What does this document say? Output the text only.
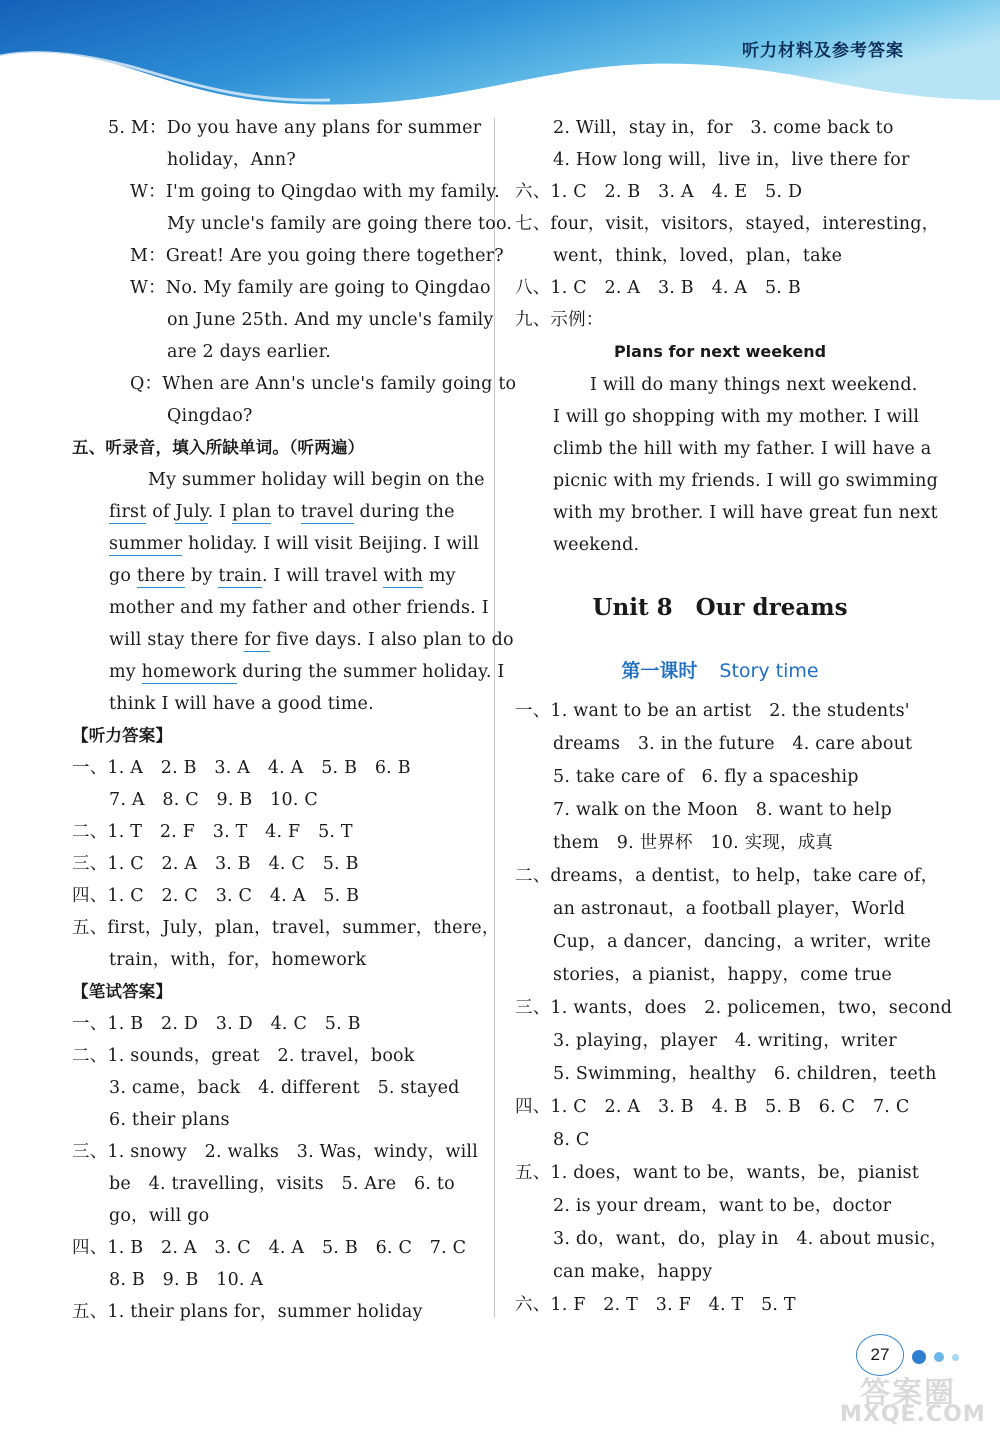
听力材料及参考答案
5. M：Do you have any plans for summer
holiday，Ann?
W：I'm going to Qingdao with my family.
My uncle's family are going there too.
M：Great! Are you going there together?
W：No. My family are going to Qingdao
on June 25th. And my uncle's family
are 2 days earlier.
Q：When are Ann's uncle's family going to
Qingdao?
五、听录音，填入所缺单词。（听两遍）
My summer holiday will begin on the
first of July. I plan to travel during the
summer holiday. I will visit Beijing. I will
go there by train. I will travel with my
mother and my father and other friends. I
will stay there for five days. I also plan to do
my homework during the summer holiday. I
think I will have a good time.
【听力答案】
一、1. A　2. B　3. A　4. A　5. B　6. B
7. A　8. C　9. B　10. C
二、1. T　2. F　3. T　4. F　5. T
三、1. C　2. A　3. B　4. C　5. B
四、1. C　2. C　3. C　4. A　5. B
五、first，July，plan，travel，summer，there，
train，with，for，homework
【笔试答案】
一、1. B　2. D　3. D　4. C　5. B
二、1. sounds，great　2. travel，book
3. came，back　4. different　5. stayed
6. their plans
三、1. snowy　2. walks　3. Was，windy，will
be　4. travelling，visits　5. Are　6. to
go，will go
四、1. B　2. A　3. C　4. A　5. B　6. C　7. C
8. B　9. B　10. A
五、1. their plans for，summer holiday
2. Will，stay in，for　3. come back to
4. How long will，live in，live there for
六、1. C　2. B　3. A　4. E　5. D
七、four，visit，visitors，stayed，interesting，
went，think，loved，plan，take
八、1. C　2. A　3. B　4. A　5. B
九、示例：
Plans for next weekend
I will do many things next weekend.
I will go shopping with my mother. I will
climb the hill with my father. I will have a
picnic with my friends. I will go swimming
with my brother. I will have great fun next
weekend.
Unit 8　Our dreams
第一课时 Story time
一、1. want to be an artist　2. the students'
dreams　3. in the future　4. care about
5. take care of　6. fly a spaceship
7. walk on the Moon　8. want to help
them　9. 世界杯　10. 实现，成真
二、dreams，a dentist，to help，take care of，
an astronaut，a football player，World
Cup，a dancer，dancing，a writer，write
stories，a pianist，happy，come true
三、1. wants，does　2. policemen，two，second
3. playing，player　4. writing，writer
5. Swimming，healthy　6. children，teeth
四、1. C　2. A　3. B　4. B　5. B　6. C　7. C
8. C
五、1. does，want to be，wants，be，pianist
2. is your dream，want to be，doctor
3. do，want，do，play in　4. about music，
can make，happy
六、1. F　2. T　3. F　4. T　5. T
27
答案圈
MXQE.COM
